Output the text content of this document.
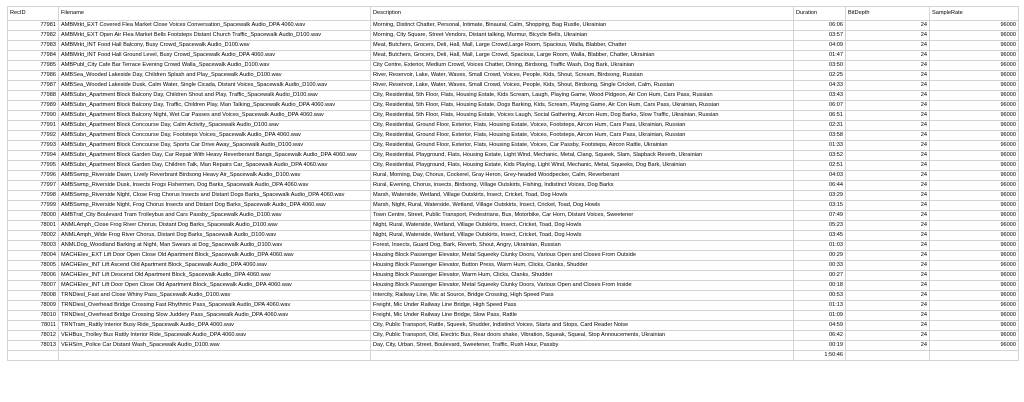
RecID	Filename	Description	Duration	BitDepth	SampleRate
77981	AMBMrkt_EXT Covered Flea Market Close Voices Conversation_Spacewalk Audio_DPA 4060.wav	Morning, Distinct Chatter, Personal, Intimate, Binaural, Calm, Shopping, Bag Rustle, Ukrainian	06:06	24	96000
77982	AMBMrkt_EXT Open Air Flea Market Bells Footsteps Distant Church Traffic_Spacewalk Audio_D100.wav	Morning, City Square, Street Vendors, Distant talking, Murmur, Bicycle Bells, Ukrainian	03:57	24	96000
77983	AMBMrkt_INT Food Hall Balcony, Busy Crowd_Spacewalk Audio_D100.wav	Meat, Butchers, Grocers, Deli, Hall, Mall, Large Crowd,Large Room, Spacious, Walla, Blabber, Chatter	04:09	24	96000
77984	AMBMrkt_INT Food Hall Ground Level, Busy Crowd_Spacewalk Audio_DPA 4060.wav	Meat, Butchers, Grocers, Deli, Hall, Mall, Large Crowd, Spacious, Large Room, Walla, Blabber, Chatter, Ukrainian	01:47	24	96000
77985	AMBPubl_City Cafe Bar Terrace Evening Crowd Walla_Spacewalk Audio_D100.wav	City Centre, Exterior, Medium Crowd, Voices Chatter, Dining, Birdsong, Traffic Wash, Dog Bark, Ukrainian	03:50	24	96000
77986	AMBSea_Wooded Lakeside Day, Children Splash and Play_Spacewalk Audio_D100.wav	River, Reservoir, Lake, Water, Waves, Small Crowd, Voices, People, Kids, Shout, Scream, Birdsong, Russian	02:25	24	96000
77987	AMBSea_Wooded Lakeside Dusk, Calm Water, Single Cicada, Distant Voices_Spacewalk Audio_D100.wav	River, Reservoir, Lake, Water, Waves, Small Crowd, Voices, People, Kids, Shout, Birdsong, Single Cricket, Calm, Russian	04:33	24	96000
77988	AMBSubn_Apartment Block Balcony Day, Children Shout and Play, Traffic_Spacewalk Audio_D100.wav	City, Residential, 5th Floor, Flats, Housing Estate, Kids Scream, Laugh, Playing Game, Wood Pidgeon, Air Con Hum, Cars Pass, Russian	03:43	24	96000
77989	AMBSubn_Apartment Block Balcony Day, Traffic, Children Play, Man Talking_Spacewalk Audio_DPA 4060.wav	City, Residential, 5th Floor, Flats, Housing Estate, Dogs Barking, Kids, Scream, Playing Game, Air Con Hum, Cars Pass, Ukrainian, Russian	06:07	24	96000
77990	AMBSubn_Apartment Block Balcony Night, Wet Car Passes and Voices_Spacewalk Audio_DPA 4060.wav	City, Residential, 5th Floor, Flats, Housing Estate, Voices Laugh, Social Gathering, Aircon Hum, Dog Barks, Slow Traffic, Ukrainian, Russian	06:51	24	96000
77991	AMBSubn_Apartment Block Concourse Day, Calm Activity_Spacewalk Audio_D100.wav	City, Residential, Ground Floor, Exterior, Flats, Housing Estate, Voices, Footsteps, Aircon Hum, Cars Pass, Ukrainian, Russian	02:31	24	96000
77992	AMBSubn_Apartment Block Concourse Day, Footsteps Voices_Spacewalk Audio_DPA 4060.wav	City, Residential, Ground Floor, Exterior, Flats, Housing Estate, Voices, Footsteps, Aircon Hum, Cars Pass, Ukrainian, Russian	03:58	24	96000
77993	AMBSubn_Apartment Block Concourse Day, Sports Car Drive Away_Spacewalk Audio_D100.wav	City, Residential, Ground Floor, Exterior, Flats, Housing Estate, Voices, Car Passby, Footsteps, Aircon Rattle, Ukrainian	01:33	24	96000
77994	AMBSubn_Apartment Block Garden Day, Car Repair With Heavy Reverberant Bangs_Spacewalk Audio_DPA 4060.wav	City, Residential, Playground, Flats, Housing Estate, Light Wind, Mechanic, Metal, Clang, Squeek, Slam, Slapback Reverb, Ukrainian	03:52	24	96000
77995	AMBSubn_Apartment Block Garden Day, Children Talk, Man Repairs Car_Spacewalk Audio_DPA 4060.wav	City, Residential, Playground, Flats, Housing Estate, Kids Playing, Light Wind, Mechanic, Metal, Squeeks, Dog Bark, Ukrainian	02:51	24	96000
77996	AMBSwmp_Riverside Dawn, Lively Reverbrant Birdsong Heavy Air_Spacewalk Audio_D100.wav	Rural, Morning, Day, Chorus, Cockerel, Gray Heron, Grey-headed Woodpecker, Calm, Reverberant	04:03	24	96000
77997	AMBSwmp_Riverside Dusk, Insects Frogs Fishermen, Dog Barks_Spacewalk Audio_DPA 4060.wav	Rural, Evening, Chorus, insects, Birdsong, Village Outskirts, Fishing, Indistinct Voices, Dog Barks	06:44	24	96000
77998	AMBSwmp_Riverside Night, Close Frog Chorus Insects and Distant Dogs Barks_Spacewalk Audio_DPA 4060.wav	Marsh, Waterside, Wetland, Village Outskirts, Insect, Cricket, Toad, Dog Howls	03:29	24	96000
77999	AMBSwmp_Riverside Night, Frog Chorus Insects and Distant Dog Barks_Spacewalk Audio_DPA 4060.wav	Marsh, Night, Rural, Waterside, Wetland, Village Outskirts, Insect, Cricket, Toad, Dog Howls	03:15	24	96000
78000	AMBTraf_City Boulevard Tram Trolleybus and Cars Passby_Spacewalk Audio_D100.wav	Town Centre, Street, Public Transport, Pedestrians, Bus, Motorbike, Car Horn, Distant Voices, Sweetener	07:49	24	96000
78001	ANMLAmph_Close Frog River Chorus, Distant Dog Barks_Spacewalk Audio_D100.wav	Night, Rural, Waterside, Wetland, Village Outskirts, Insect, Cricket, Toad, Dog Howls	05:23	24	96000
78002	ANMLAmph_Wide Frog River Chorus, Distant Dog Barks_Spacewalk Audio_D100.wav	Night, Rural, Waterside, Wetland, Village Outskirts, Insect, Cricket, Toad, Dog Howls	03:45	24	96000
78003	ANMLDog_Woodland Barking at Night, Man Swears at Dog_Spacewalk Audio_D100.wav	Forest, Insects, Guard Dog, Bark, Reverb, Shout, Angry, Ukrainian, Russian	01:03	24	96000
78004	MACHElev_EXT Lift Door Open Close Old Apartment Block_Spacewalk Audio_DPA 4060.wav	Housing Block Passenger Elevator, Metal Squeeky Clunky Doors, Various Open and Closes From Outside	00:29	24	96000
78005	MACHElev_INT Lift Ascend Old Apartment Block_Spacewalk Audio_DPA 4060.wav	Housing Block Passenger Elevator, Button Press, Warm Hum, Clicks, Clanks, Shudder	00:33	24	96000
78006	MACHElev_INT Lift Descend Old Apartment Block_Spacewalk Audio_DPA 4060.wav	Housing Block Passenger Elevator, Warm Hum, Clicks, Clanks, Shudder	00:27	24	96000
78007	MACHElev_INT Lift Door Open Close Old Apartment Block_Spacewalk Audio_DPA 4060.wav	Housing Block Passenger Elevator, Metal Squeeky Clunky Doors, Various Open and Closes From Inside	00:18	24	96000
78008	TRNDiesl_Fast and Close Whiny Pass_Spacewalk Audio_D100.wav	Intercity, Railway Line, Mic at Source, Bridge Crossing, High Speed Pass	00:53	24	96000
78009	TRNDiesl_Overhead Bridge Crossing Fast Rhythmic Pass_Spacewalk Audio_DPA 4060.wav	Freight, Mic Under Railway Line Bridge, High Speed Pass	01:13	24	96000
78010	TRNDiesl_Overhead Bridge Crossing Slow Juddery Pass_Spacewalk Audio_DPA 4060.wav	Freight, Mic Under Railway Line Bridge, Slow Pass, Rattle	01:09	24	96000
78011	TRNTram_Rattly Interior Busy Ride_Spacewalk Audio_DPA 4060.wav	City, Public Transport, Rattle, Squeek, Shudder, Indistinct Voices, Starts and Stops, Card Reader Noise	04:59	24	96000
78012	VEHBus_Trolley Bus Rattly Interior Ride_Spacewalk Audio_DPA 4060.wav	City, Public Transport, Old, Electric Bus, Rear doors shake, Vibration, Squeak, Squeal, Stop Annoucements, Ukrainian	06:42	24	96000
78013	VEHSirn_Police Car Distant Wash_Spacewalk Audio_D100.wav	Day, City, Urban, Street, Boulevard, Sweetener, Traffic, Rush Hour, Passby	00:19	24	96000
			1:50:46		
